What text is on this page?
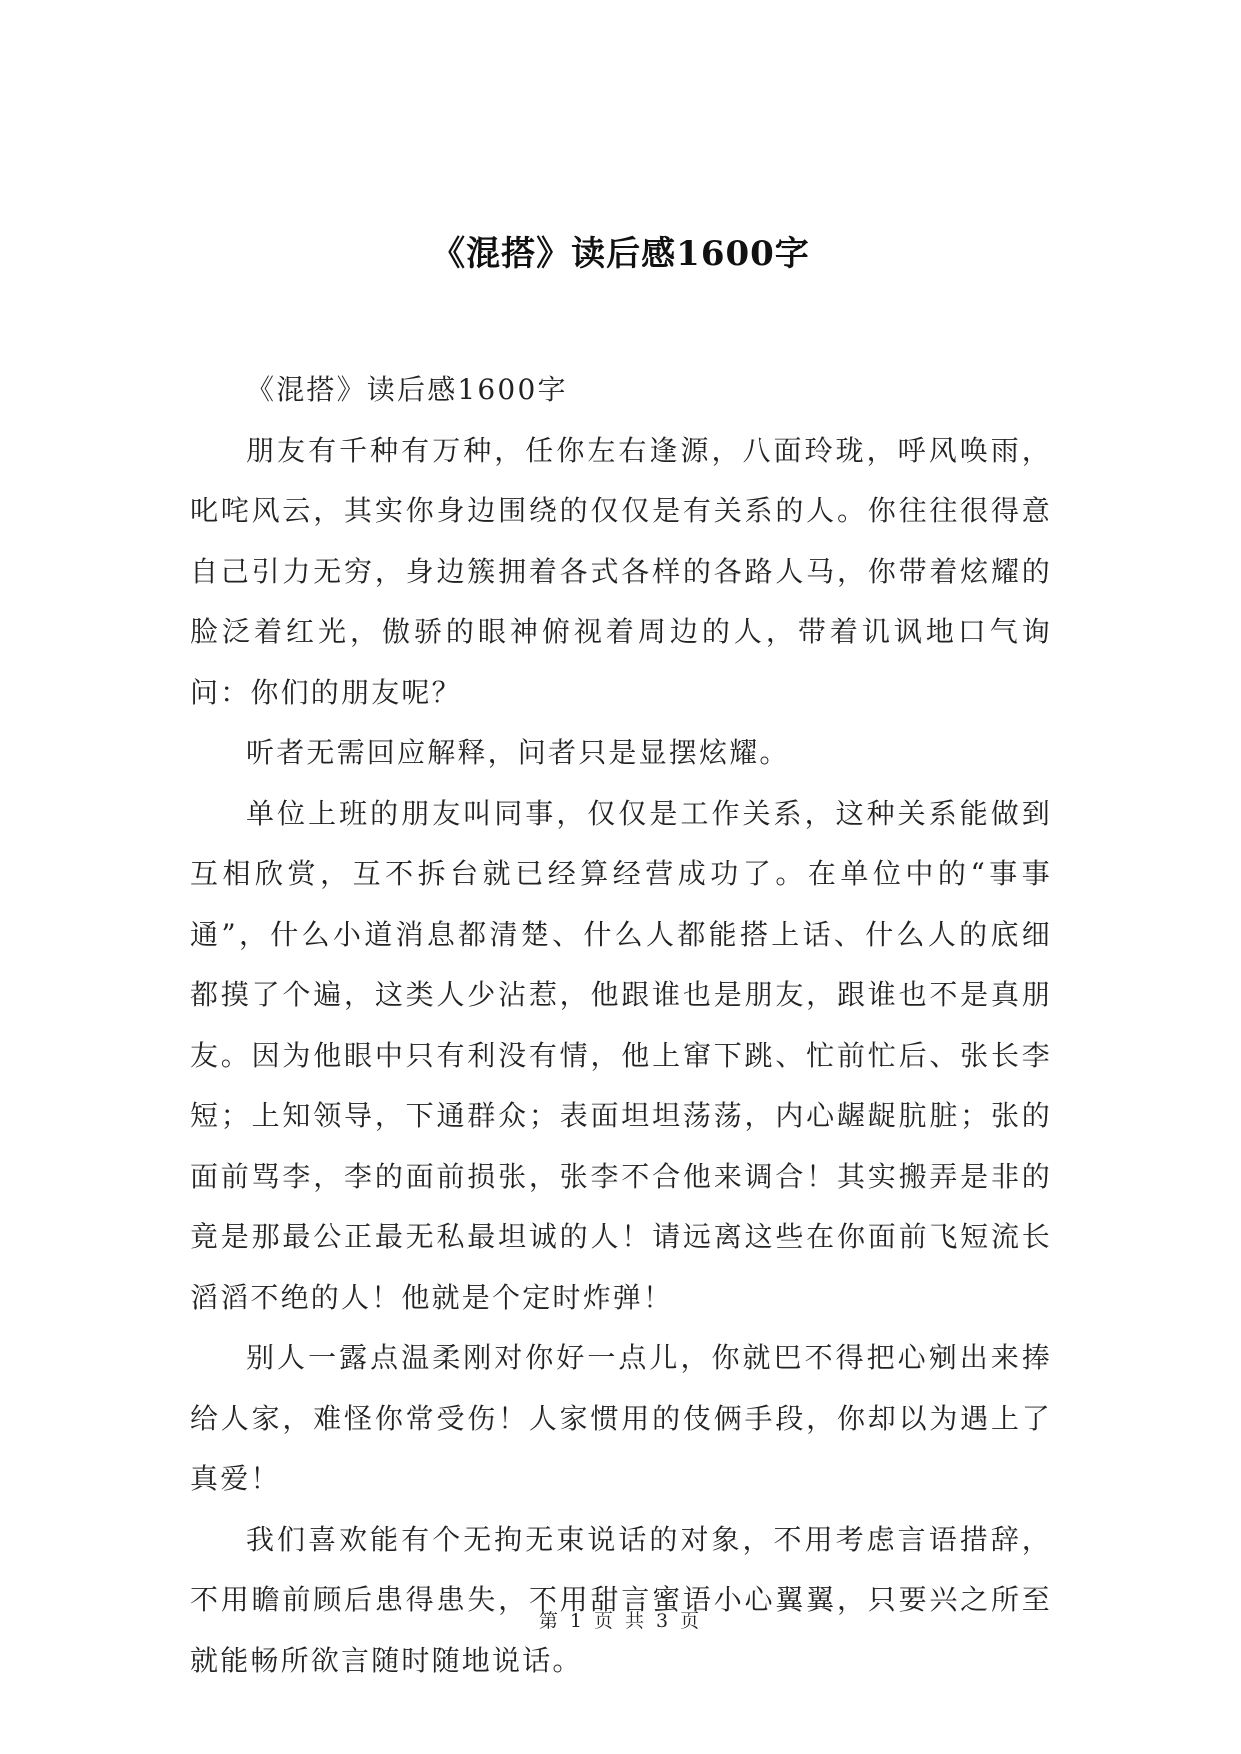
《混搭》读后感1600字

《混搭》读后感1600字

朋友有千种有万种，任你左右逢源，八面玲珑，呼风唤雨，叱咤风云，其实你身边围绕的仅仅是有关系的人。你往往很得意自己引力无穷，身边簇拥着各式各样的各路人马，你带着炫耀的脸泛着红光，傲骄的眼神俯视着周边的人，带着讥讽地口气询问：你们的朋友呢？

听者无需回应解释，问者只是显摆炫耀。

单位上班的朋友叫同事，仅仅是工作关系，这种关系能做到互相欣赏，互不拆台就已经算经营成功了。在单位中的“事事通”，什么小道消息都清楚、什么人都能搭上话、什么人的底细都摸了个遍，这类人少沾惹，他跟谁也是朋友，跟谁也不是真朋友。因为他眼中只有利没有情，他上窜下跳、忙前忙后、张长李短；上知领导，下通群众；表面坦坦荡荡，内心龌龊肮脏；张的面前骂李，李的面前损张，张李不合他来调合！其实搬弄是非的竟是那最公正最无私最坦诚的人！请远离这些在你面前飞短流长滔滔不绝的人！他就是个定时炸弹！

别人一露点温柔刚对你好一点儿，你就巴不得把心剜出来捧给人家，难怪你常受伤！人家惯用的伎俩手段，你却以为遇上了真爱！

我们喜欢能有个无拘无束说话的对象，不用考虑言语措辞，不用瞻前顾后患得患失，不用甜言蜜语小心翼翼，只要兴之所至就能畅所欲言随时随地说话。

第 1 页 共 3 页
